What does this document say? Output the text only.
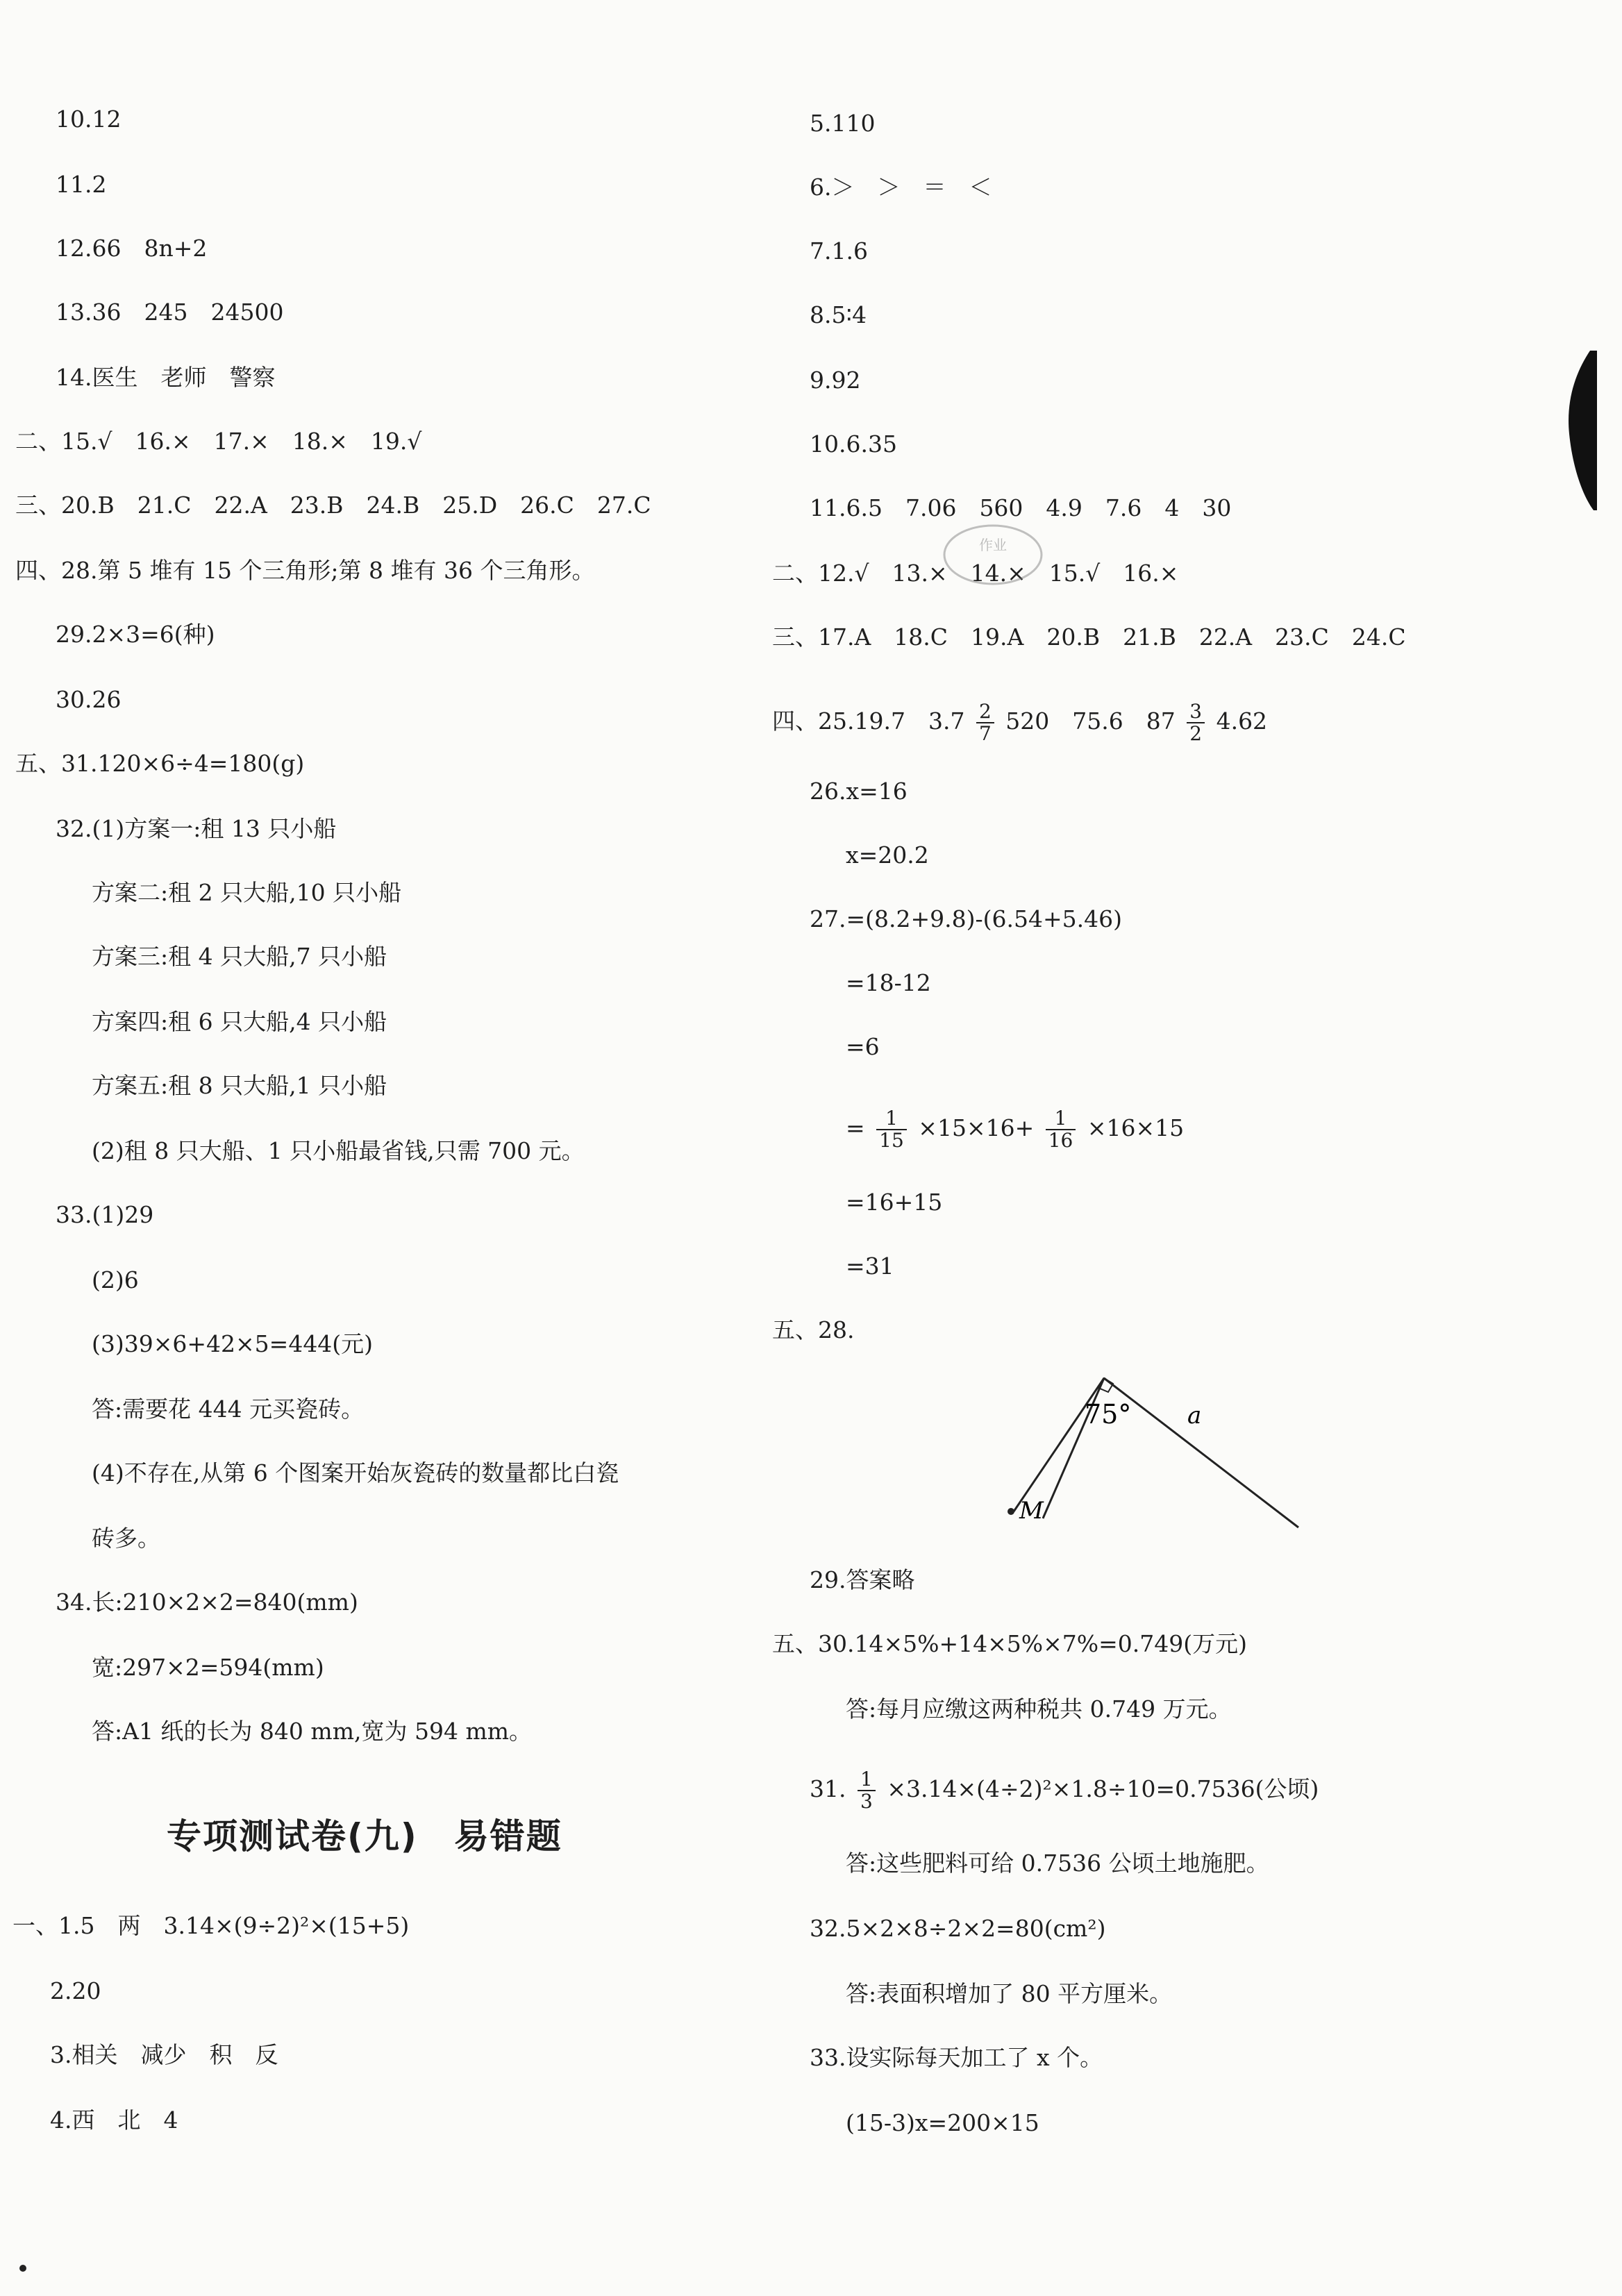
10.12
11.2
12.66　8n+2
13.36　245　24500
14.医生　老师　警察
二、15.√　16.×　17.×　18.×　19.√
三、20.B　21.C　22.A　23.B　24.B　25.D　26.C　27.C
四、28.第 5 堆有 15 个三角形;第 8 堆有 36 个三角形。
29.2×3=6(种)
30.26
五、31.120×6÷4=180(g)
32.(1)方案一:租 13 只小船
方案二:租 2 只大船,10 只小船
方案三:租 4 只大船,7 只小船
方案四:租 6 只大船,4 只小船
方案五:租 8 只大船,1 只小船
(2)租 8 只大船、1 只小船最省钱,只需 700 元。
33.(1)29
(2)6
(3)39×6+42×5=444(元)
答:需要花 444 元买瓷砖。
(4)不存在,从第 6 个图案开始灰瓷砖的数量都比白瓷
砖多。
34.长:210×2×2=840(mm)
宽:297×2=594(mm)
答:A1 纸的长为 840 mm,宽为 594 mm。
一、1.5　两　3.14×(9÷2)²×(15+5)
2.20
3.相关　减少　积　反
4.西　北　4
5.110
6.＞　＞　＝　＜
7.1.6
8.5∶4
9.92
10.6.35
11.6.5　7.06　560　4.9　7.6　4　30
二、12.√　13.×　14.×　15.√　16.×
三、17.A　18.C　19.A　20.B　21.B　22.A　23.C　24.C
26.x=16
x=20.2
27.=(8.2+9.8)-(6.54+5.46)
=18-12
=6
=16+15
=31
五、28.
29.答案略
五、30.14×5%+14×5%×7%=0.749(万元)
答:每月应缴这两种税共 0.749 万元。
答:这些肥料可给 0.7536 公顷土地施肥。
32.5×2×8÷2×2=80(cm²)
答:表面积增加了 80 平方厘米。
33.设实际每天加工了 x 个。
(15-3)x=200×15
专项测试卷(九)　易错题
四、25.19.7　$3.7 \frac{2}{7} 520$　75.6　$87 \frac{3}{2} 4.62$
= $\frac{1}{15} \times 15\times 16+ \frac{1}{16} \times 16\times 15$
31. $\frac{1}{3} \times 3.14\times(4\div 2)^2\times 1.8\div 10=0.7536$(公顷)
75° a
M
作业
